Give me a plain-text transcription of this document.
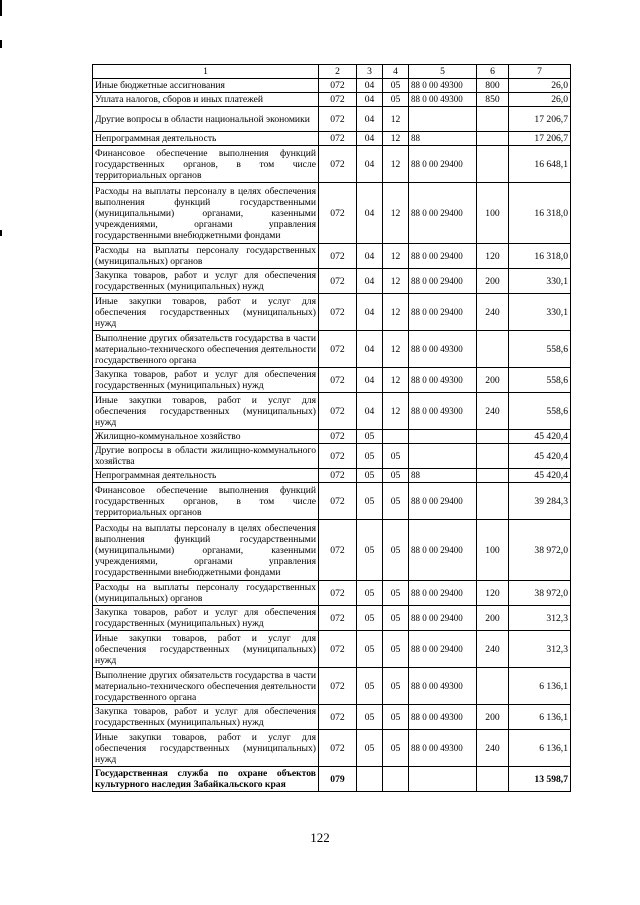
1	2	3	4	5	6	7
Иные бюджетные ассигнования	072	04	05	88 0 00 49300	800	26,0
Уплата налогов, сборов и иных платежей	072	04	05	88 0 00 49300	850	26,0
Другие вопросы в области национальной экономики	072	04	12			17 206,7
Непрограммная деятельность	072	04	12	88		17 206,7
Финансовое обеспечение выполнения функций государственных органов, в том числе территориальных органов	072	04	12	88 0 00 29400		16 648,1
Расходы на выплаты персоналу в целях обеспечения выполнения функций государственными (муниципальными) органами, казенными учреждениями, органами управления государственными внебюджетными фондами	072	04	12	88 0 00 29400	100	16 318,0
Расходы на выплаты персоналу государственных (муниципальных) органов	072	04	12	88 0 00 29400	120	16 318,0
Закупка товаров, работ и услуг для обеспечения государственных (муниципальных) нужд	072	04	12	88 0 00 29400	200	330,1
Иные закупки товаров, работ и услуг для обеспечения государственных (муниципальных) нужд	072	04	12	88 0 00 29400	240	330,1
Выполнение других обязательств государства в части материально-технического обеспечения деятельности государственного органа	072	04	12	88 0 00 49300		558,6
Закупка товаров, работ и услуг для обеспечения государственных (муниципальных) нужд	072	04	12	88 0 00 49300	200	558,6
Иные закупки товаров, работ и услуг для обеспечения государственных (муниципальных) нужд	072	04	12	88 0 00 49300	240	558,6
Жилищно-коммунальное хозяйство	072	05				45 420,4
Другие вопросы в области жилищно-коммунального хозяйства	072	05	05			45 420,4
Непрограммная деятельность	072	05	05	88		45 420,4
Финансовое обеспечение выполнения функций государственных органов, в том числе территориальных органов	072	05	05	88 0 00 29400		39 284,3
Расходы на выплаты персоналу в целях обеспечения выполнения функций государственными (муниципальными) органами, казенными учреждениями, органами управления государственными внебюджетными фондами	072	05	05	88 0 00 29400	100	38 972,0
Расходы на выплаты персоналу государственных (муниципальных) органов	072	05	05	88 0 00 29400	120	38 972,0
Закупка товаров, работ и услуг для обеспечения государственных (муниципальных) нужд	072	05	05	88 0 00 29400	200	312,3
Иные закупки товаров, работ и услуг для обеспечения государственных (муниципальных) нужд	072	05	05	88 0 00 29400	240	312,3
Выполнение других обязательств государства в части материально-технического обеспечения деятельности государственного органа	072	05	05	88 0 00 49300		6 136,1
Закупка товаров, работ и услуг для обеспечения государственных (муниципальных) нужд	072	05	05	88 0 00 49300	200	6 136,1
Иные закупки товаров, работ и услуг для обеспечения государственных (муниципальных) нужд	072	05	05	88 0 00 49300	240	6 136,1
Государственная служба по охране объектов культурного наследия Забайкальского края	079					13 598,7
122
